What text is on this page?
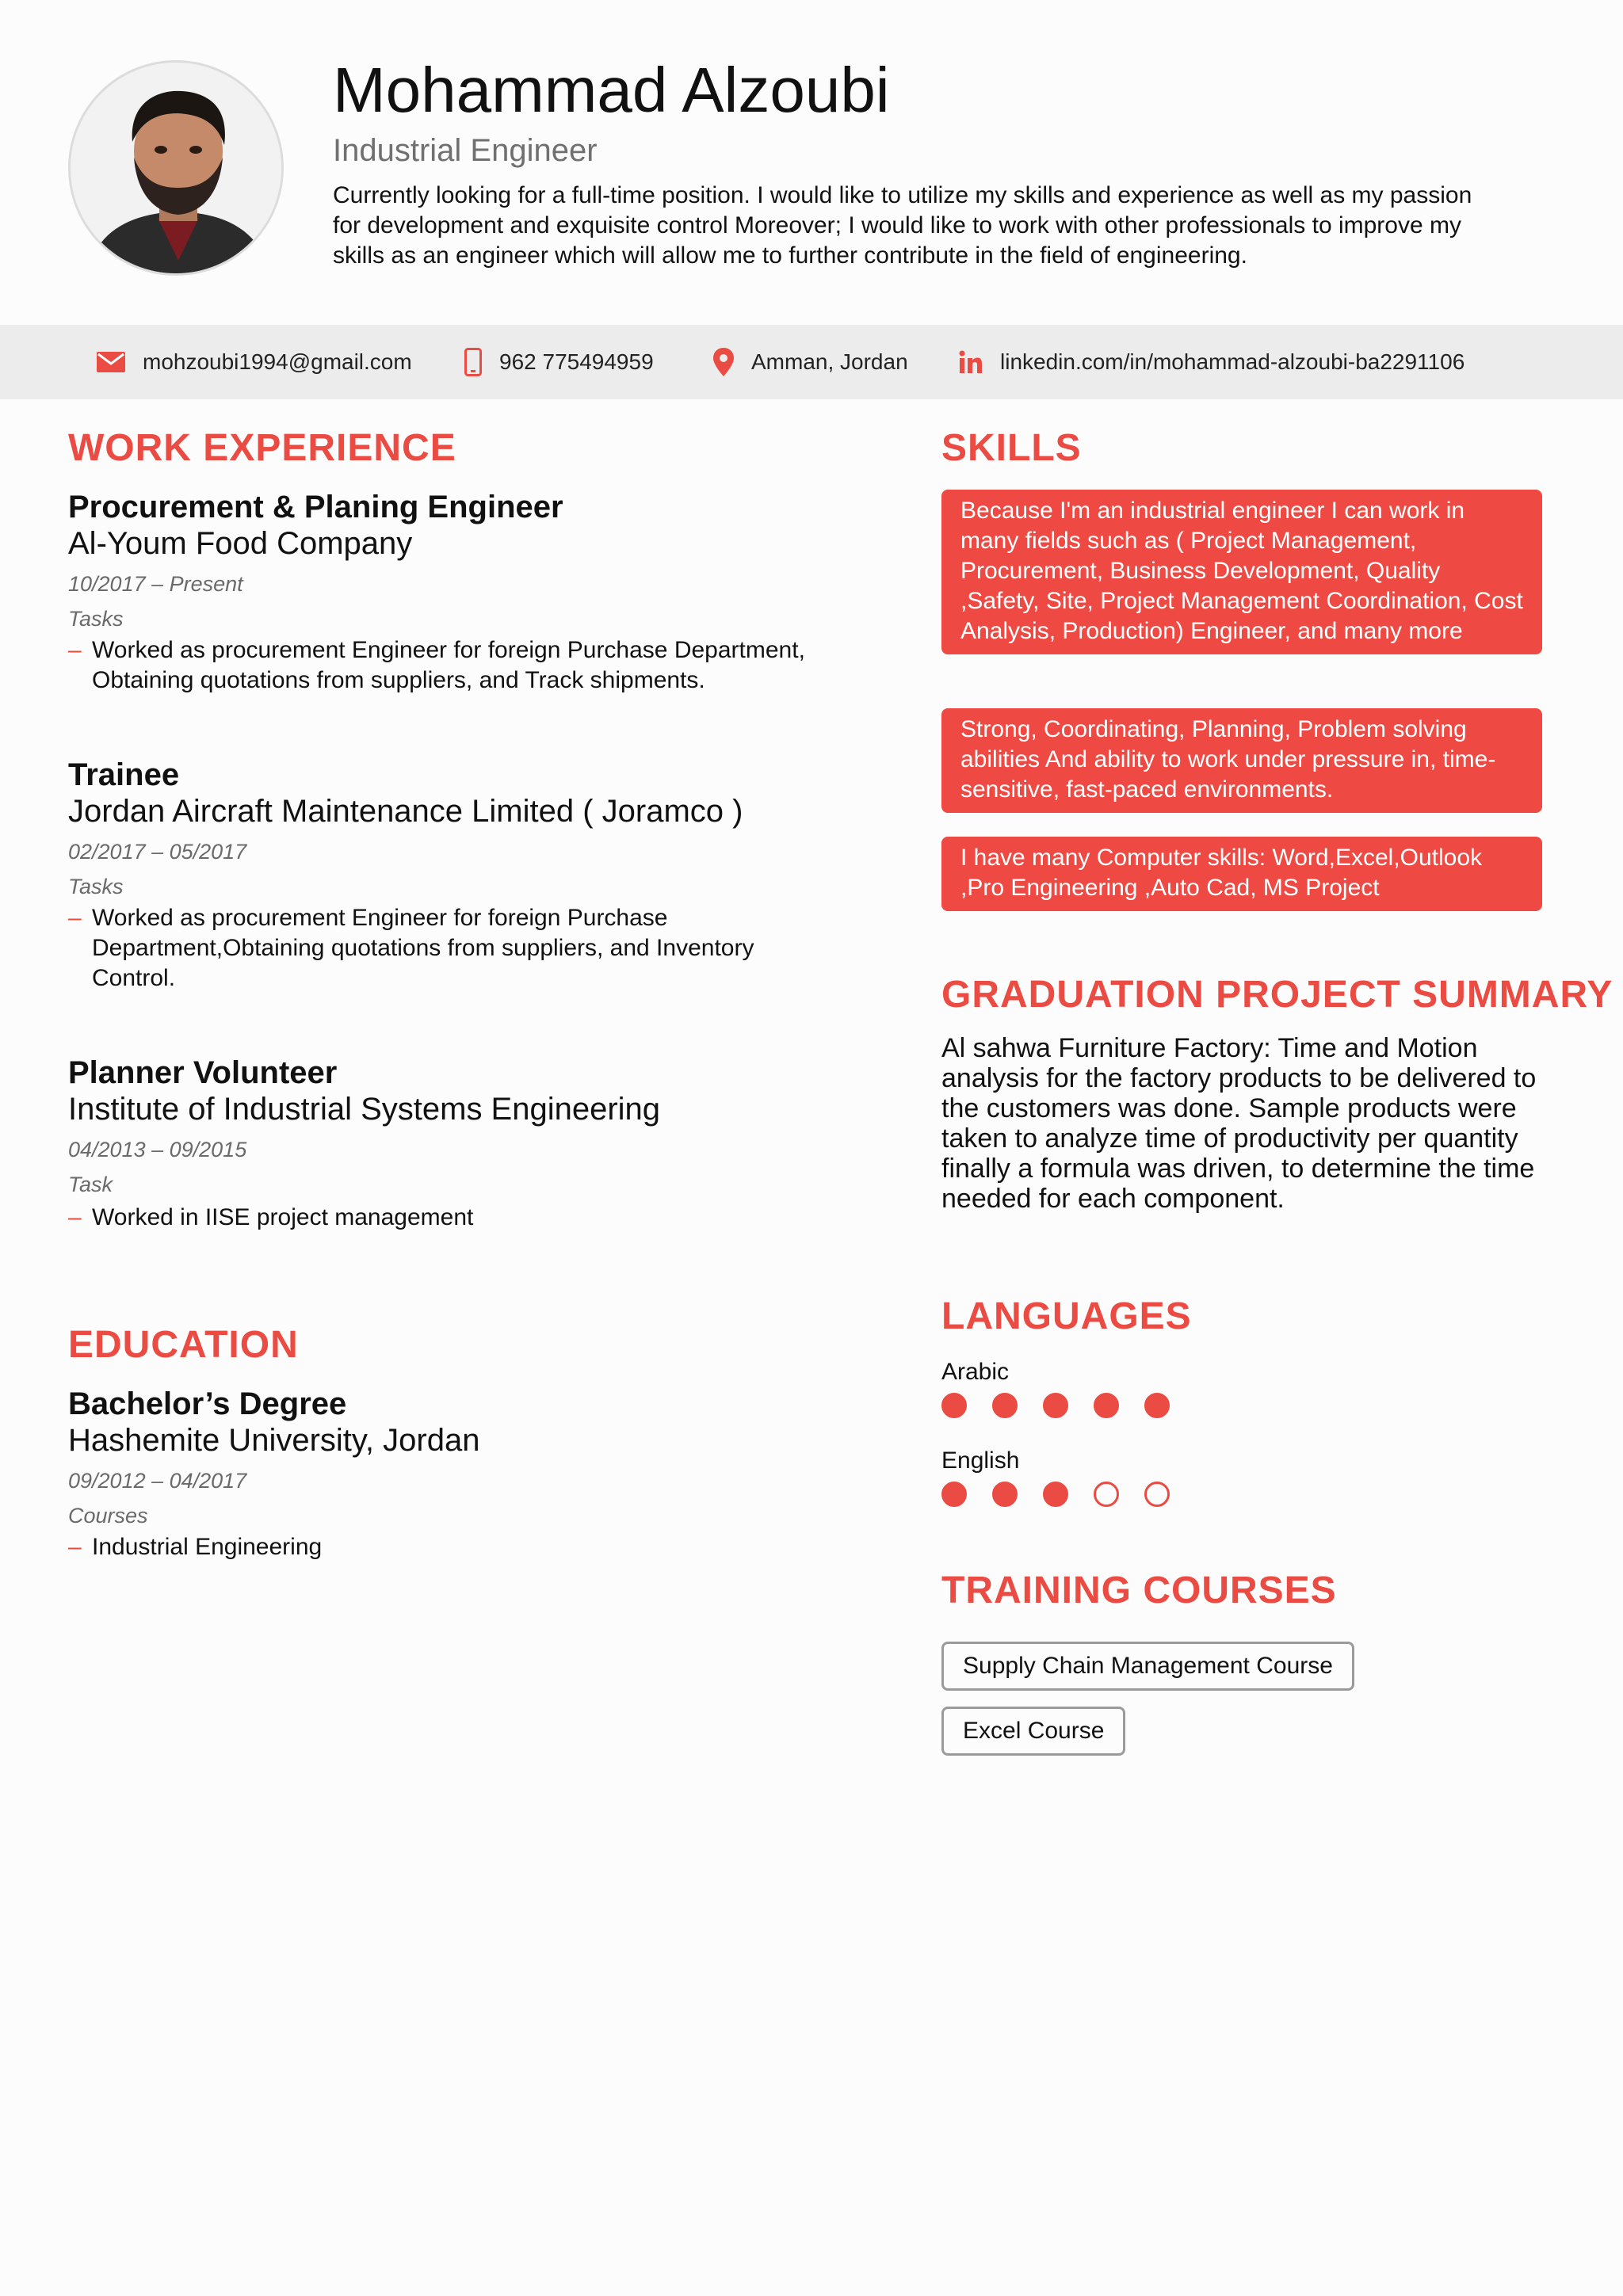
Mohammad Alzoubi
Industrial Engineer
Currently looking for a full-time position. I would like to utilize my skills and experience as well as my passion for development and exquisite control Moreover; I would like to work with other professionals to improve my skills as an engineer which will allow me to further contribute in the field of engineering.
mohzoubi1994@gmail.com	962 775494959	Amman, Jordan	linkedin.com/in/mohammad-alzoubi-ba2291106
WORK EXPERIENCE
Procurement & Planing Engineer
Al-Youm Food Company
10/2017 – Present
Tasks
– Worked as procurement Engineer for foreign Purchase Department, Obtaining quotations from suppliers, and Track shipments.
Trainee
Jordan Aircraft Maintenance Limited ( Joramco )
02/2017 – 05/2017
Tasks
– Worked as procurement Engineer for foreign Purchase Department,Obtaining quotations from suppliers, and Inventory Control.
Planner Volunteer
Institute of Industrial Systems Engineering
04/2013 – 09/2015
Task
– Worked in IISE project management
EDUCATION
Bachelor’s Degree
Hashemite University, Jordan
09/2012 – 04/2017
Courses
– Industrial Engineering
SKILLS
Because I'm an industrial engineer I can work in many fields such as ( Project Management, Procurement, Business Development, Quality ,Safety, Site, Project Management Coordination, Cost Analysis, Production) Engineer, and many more
Strong, Coordinating, Planning, Problem solving abilities And ability to work under pressure in, time-sensitive, fast-paced environments.
I have many Computer skills: Word,Excel,Outlook ,Pro Engineering ,Auto Cad, MS Project
GRADUATION PROJECT SUMMARY
Al sahwa Furniture Factory: Time and Motion analysis for the factory products to be delivered to the customers was done. Sample products were taken to analyze time of productivity per quantity finally a formula was driven, to determine the time needed for each component.
LANGUAGES
Arabic
English
TRAINING COURSES
Supply Chain Management Course
Excel Course
